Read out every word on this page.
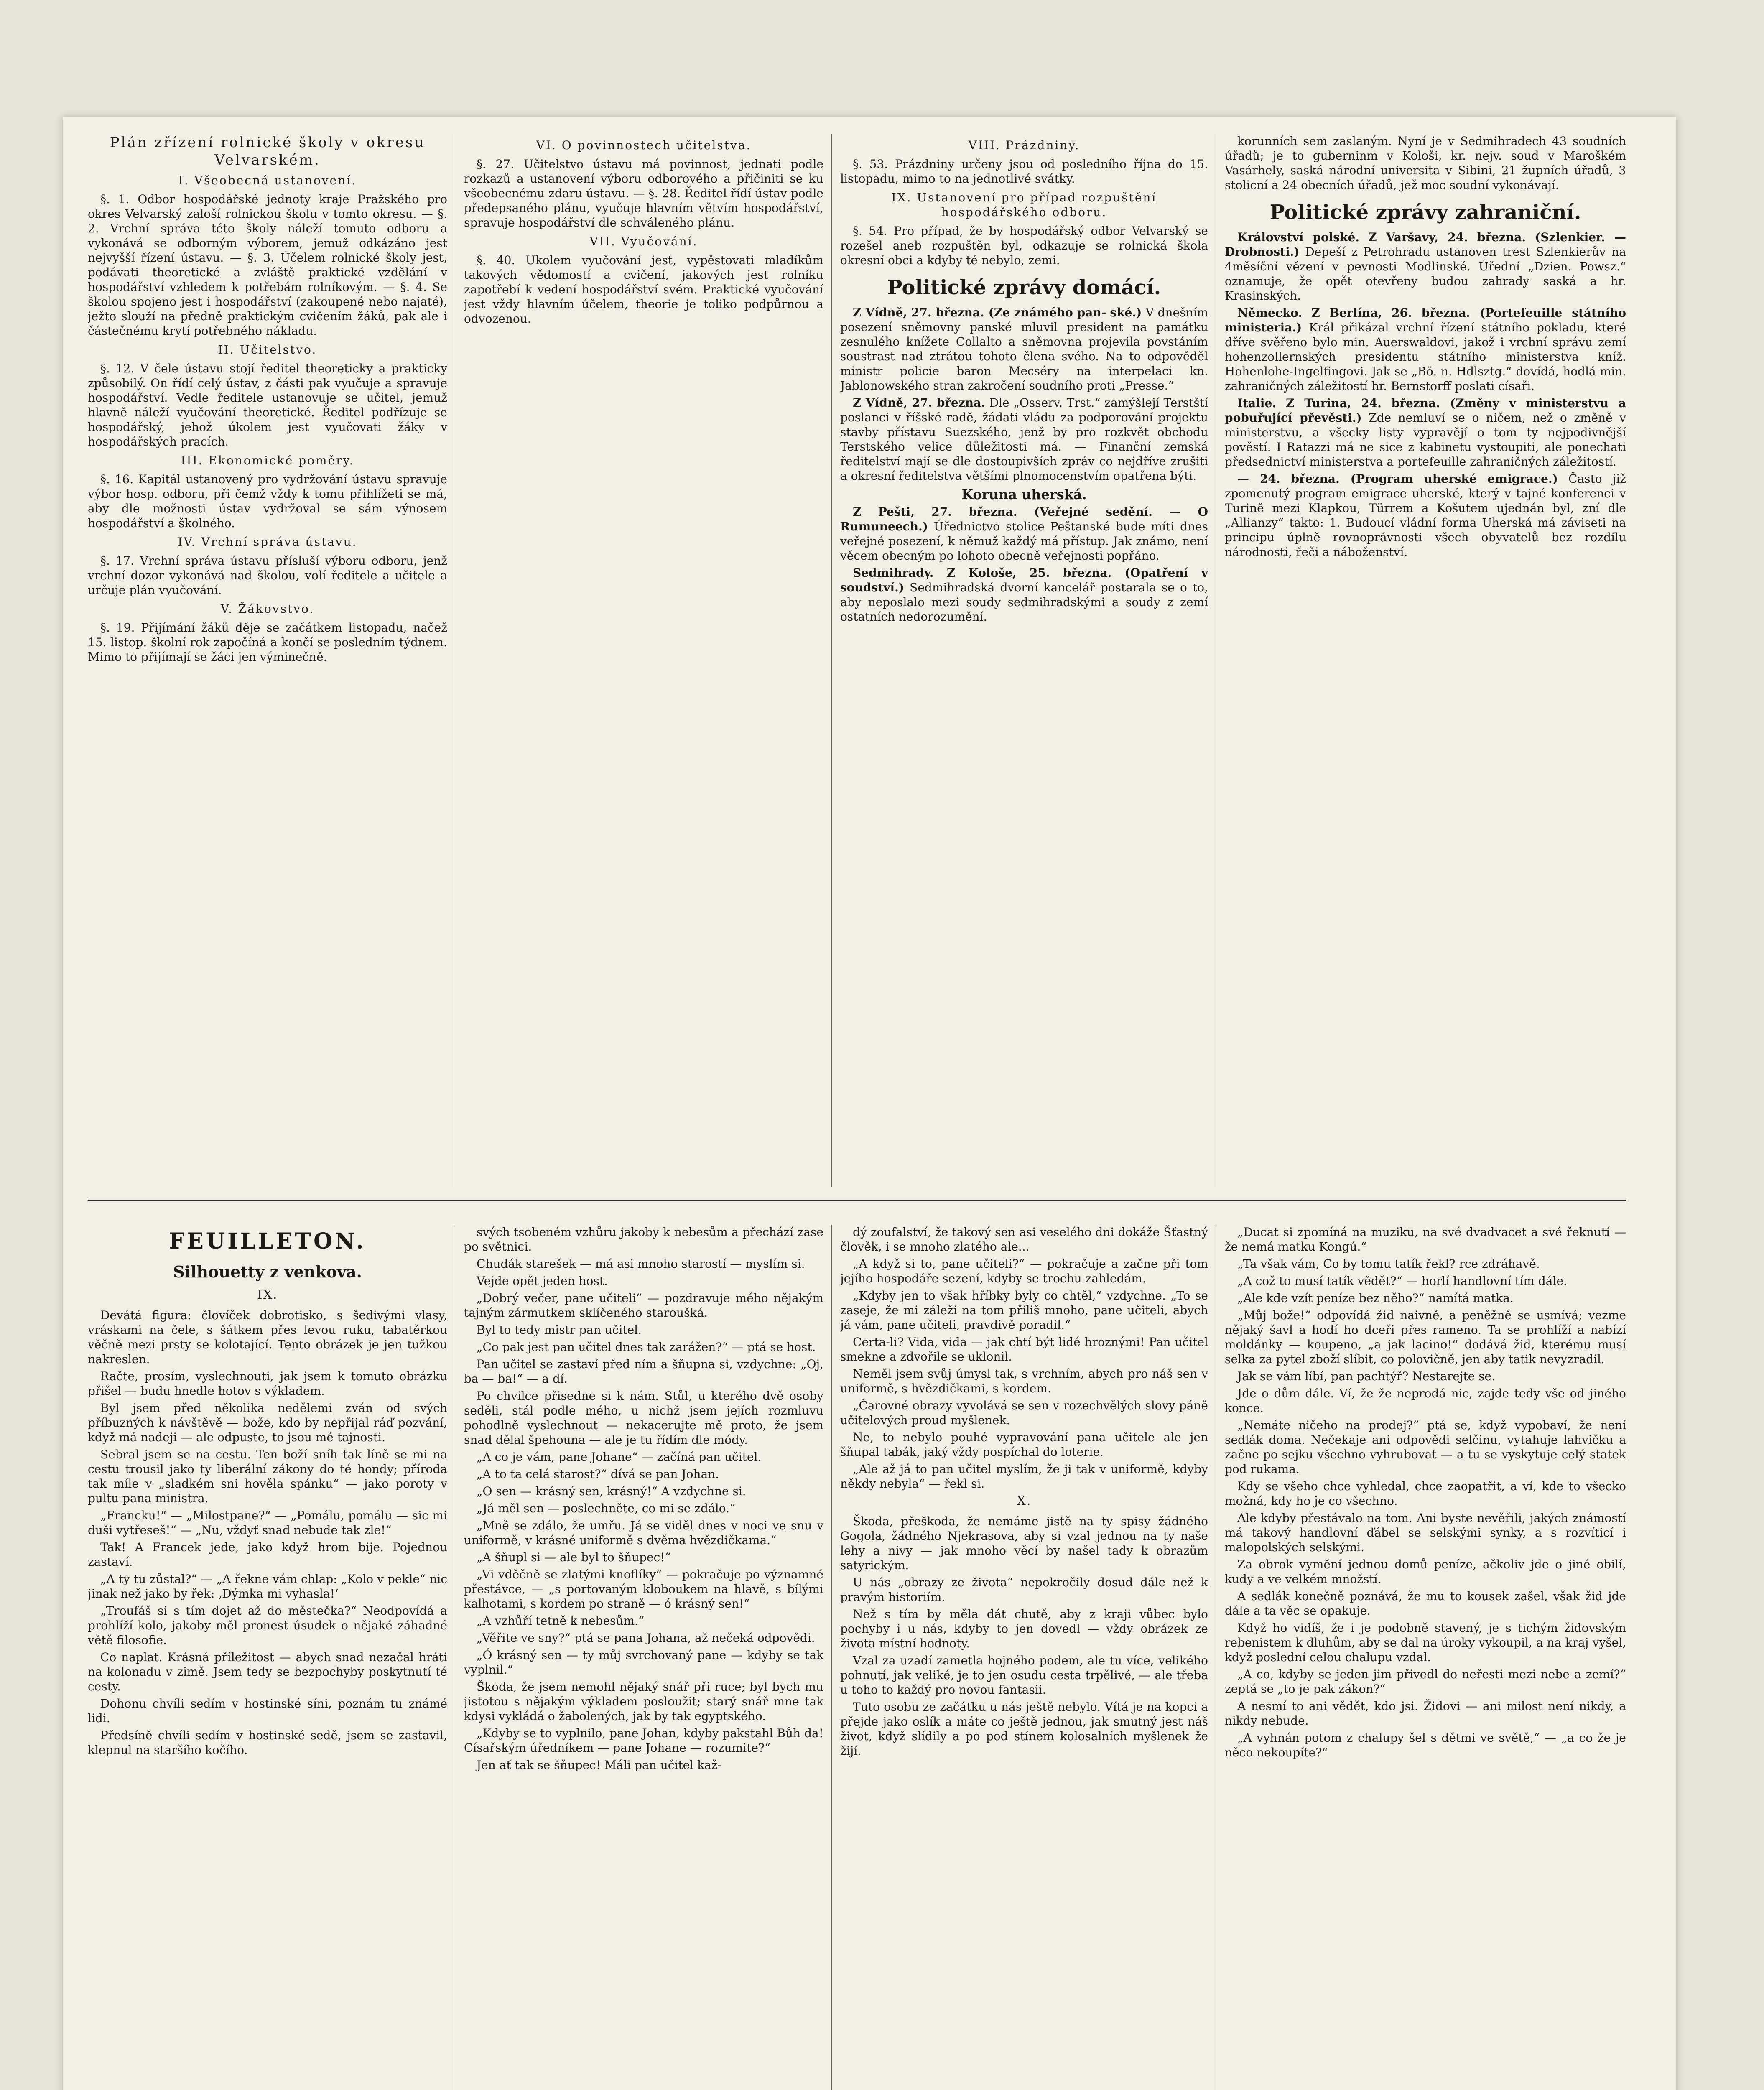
Plán zřízení rolnické školy v okresu Velvarském.
I. Všeobecná ustanovení.

§. 1. Odbor hospodářské jednoty kraje Pražského pro okres Velvarský zaloší rolnickou školu v tomto okresu. — §. 2. Vrchní správa této školy náleží tomuto odboru a vykonává se odborným výborem, jemuž odkázáno jest nejvyšší řízení ústavu. — §. 3. Účelem rolnické školy jest, podávati theoretické a zvláště praktické vzdělání v hospodářství vzhledem k potřebám rolníkovým. — §. 4. Se školou spojeno jest i hospodářství (zakoupené nebo najaté), ježto slouží na předně praktickým cvičením žáků, pak ale i částečnému krytí potřebného nákladu.

II. Učitelstvo.

§. 12. V čele ústavu stojí ředitel theoreticky a prakticky způsobilý. On řídí celý ústav, z části pak vyučuje a spravuje hospodářství. Vedle ředitele ustanovuje se učitel, jemuž hlavně náleží vyučování theoretické. Ředitel podřízuje se hospodářský, jehož úkolem jest vyučovati žáky v hospodářských pracích.

III. Ekonomické poměry.

§. 16. Kapitál ustanovený pro vydržování ústavu spravuje výbor hosp. odboru, při čemž vždy k tomu přihlížeti se má, aby dle možnosti ústav vydržoval se sám výnosem hospodářství a školného.

IV. Vrchní správa ústavu.

§. 17. Vrchní správa ústavu přísluší výboru odboru, jenž vrchní dozor vykonává nad školou, volí ředitele a učitele a určuje plán vyučování.

V. Žákovstvo.

§. 19. Přijímání žáků děje se začátkem listopadu, načež 15. listop. školní rok započíná a končí se posledním týdnem. Mimo to přijímají se žáci jen výminečně.

VI. O povinnostech učitelstva.

§. 27. Učitelstvo ústavu má povinnost, jednati podle rozkazů a ustanovení výboru odborového a přičiniti se ku všeobecnému zdaru ústavu. — §. 28. Ředitel řídí ústav podle předepsaného plánu, vyučuje hlavním větvím hospodářství, spravuje hospodářství dle schváleného plánu.

VII. Vyučování.

§. 40. Ukolem vyučování jest, vypěstovati mladíkům takových vědomostí a cvičení, jakových jest rolníku zapotřebí k vedení hospodářství svém. Praktické vyučování jest vždy hlavním účelem, theorie je toliko podpůrnou a odvozenou.

VIII. Prázdniny.

§. 53. Prázdniny určeny jsou od posledního října do 15. listopadu, mimo to na jednotlivé svátky.

IX. Ustanovení pro případ rozpuštění hospodářského odboru.

§. 54. Pro případ, že by hospodářský odbor Velvarský se rozešel aneb rozpuštěn byl, odkazuje se rolnická škola okresní obci a kdyby té nebylo, zemi.

Politické zprávy domácí.

Z Vídně, 27. března. (Ze známého pan- ské.) V dnešním posezení sněmovny panské mluvil president na památku zesnulého knížete Collalto a sněmovna projevila povstáním soustrast nad ztrátou tohoto člena svého. Na to odpověděl ministr policie baron Mecséry na interpelaci kn. Jablonowského stran zakročení soudního proti „Presse.“

Z Vídně, 27. března. Dle „Osserv. Trst.“ zamýšlejí Terstští poslanci v říšské radě, žádati vládu za podporování projektu stavby přístavu Suezského, jenž by pro rozkvět obchodu Terstského velice důležitosti má. — Finanční zemská ředitelství mají se dle dostoupivších zpráv co nejdříve zrušiti a okresní ředitelstva většími plnomocenstvím opatřena býti.

Koruna uherská.

Z Pešti, 27. března. (Veřejné sedění. — O Rumuneech.) Úřednictvo stolice Peštanské bude míti dnes veřejné posezení, k němuž každý má přístup. Jak známo, není věcem obecným po lohoto obecně veřejnosti popřáno.

Sedmihrady. Z Kološe, 25. března. (Opatření v soudství.) Sedmihradská dvorní kancelář postarala se o to, aby neposlalo mezi soudy sedmihradskými a soudy z zemí ostatních nedorozumění.

korunních sem zaslaným. Nyní je v Sedmihradech 43 soudních úřadů; je to guberninm v Kološi, kr. nejv. soud v Maroškém Vasárhely, saská národní universita v Sibini, 21 župních úřadů, 3 stolicní a 24 obecních úřadů, jež moc soudní vykonávají.

Politické zprávy zahraniční.

Království polské. Z Varšavy, 24. března. (Szlenkier. — Drobnosti.) Depeší z Petrohradu ustanoven trest Szlenkierův na 4měsíční vězení v pevnosti Modlinské. Úřední „Dzien. Powsz.“ oznamuje, že opět otevřeny budou zahrady saská a hr. Krasinských.

Německo. Z Berlína, 26. března. (Portefeuille státního ministeria.) Král přikázal vrchní řízení státního pokladu, které dříve svěřeno bylo min. Auerswaldovi, jakož i vrchní správu zemí hohenzollernských presidentu státního ministerstva kníž. Hohenlohe-Ingelfingovi. Jak se „Bö. n. Hdlsztg.“ dovídá, hodlá min. zahraničných záležitostí hr. Bernstorff poslati císaři.

Italie. Z Turina, 24. března. (Změny v ministerstvu a pobuřující převěsti.) Zde nemluví se o ničem, než o změně v ministerstvu, a všecky listy vypravějí o tom ty nejpodivnější pověstí. I Ratazzi má ne sice z kabinetu vystoupiti, ale ponechati předsednictví ministerstva a portefeuille zahraničných záležitostí.

— 24. března. (Program uherské emigrace.) Často již zpomenutý program emigrace uherské, který v tajné konferenci v Turině mezi Klapkou, Türrem a Košutem ujednán byl, zní dle „Allianzy“ takto: 1. Budoucí vládní forma Uherská má záviseti na principu úplně rovnoprávnosti všech obyvatelů bez rozdílu národnosti, řeči a náboženství.

FEUILLETON.
Silhouetty z venkova.
IX.

Devátá figura: človíček dobrotisko, s šedivými vlasy, vráskami na čele, s šátkem přes levou ruku, tabatěrkou věčně mezi prsty se kolotající. Tento obrázek je jen tužkou nakreslen.

Račte, prosím, vyslechnouti, jak jsem k tomuto obrázku přišel — budu hnedle hotov s výkladem.

Byl jsem před několika nedělemi zván od svých příbuzných k návštěvě — bože, kdo by nepřijal ráď pozvání, když má nadeji — ale odpuste, to jsou mé tajnosti.

Sebral jsem se na cestu. Ten boží sníh tak líně se mi na cestu trousil jako ty liberální zákony do té hondy; příroda tak míle v „sladkém sni hověla spánku“ — jako poroty v pultu pana ministra.

„Francku!“ — „Milostpane?“ — „Pomálu, pomálu — sic mi duši vytřeseš!“ — „Nu, vždyť snad nebude tak zle!“

Tak! A Francek jede, jako když hrom bije. Pojednou zastaví.

„A ty tu zůstal?“ — „A řekne vám chlap: „Kolo v pekle“ nic jinak než jako by řek: ‚Dýmka mi vyhasla!‘

„Troufáš si s tím dojet až do městečka?“ Neodpovídá a prohlíží kolo, jakoby měl pronest úsudek o nějaké záhadné větě filosofie.

Co naplat. Krásná příležitost — abych snad nezačal hráti na kolonadu v zimě. Jsem tedy se bezpochyby poskytnutí té cesty.

Dohonu chvíli sedím v hostinské síni, poznám tu známé lidi.

Předsíně chvíli sedím v hostinské sedě, jsem se zastavil, klepnul na staršího kočího.

svých tsobeném vzhůru jakoby k nebesům a přechází zase po světnici.

Chudák starešek — má asi mnoho starostí — myslím si.

Vejde opět jeden host.

„Dobrý večer, pane učiteli“ — pozdravuje mého nějakým tajným zármutkem sklíčeného staroušká.

Byl to tedy mistr pan učitel.

„Co pak jest pan učitel dnes tak zarážen?“ — ptá se host.

Pan učitel se zastaví před ním a šňupna si, vzdychne: „Oj, ba — ba!“ — a dí.

Po chvilce přisedne si k nám. Stůl, u kterého dvě osoby seděli, stál podle mého, u nichž jsem jejích rozmluvu pohodlně vyslechnout — nekacerujte mě proto, že jsem snad dělal špehouna — ale je tu řídím dle módy.

„A co je vám, pane Johane“ — začíná pan učitel.

„A to ta celá starost?“ dívá se pan Johan.

„O sen — krásný sen, krásný!“ A vzdychne si.

„Já měl sen — poslechněte, co mi se zdálo.“

„Mně se zdálo, že umřu. Já se viděl dnes v noci ve snu v uniformě, v krásné uniformě s dvěma hvězdičkama.“

„A šňupl si — ale byl to šňupec!“

„Vi vděčně se zlatými knoflíky“ — pokračuje po významné přestávce, — „s portovaným kloboukem na hlavě, s bílými kalhotami, s kordem po straně — ó krásný sen!“

„A vzhůří tetně k nebesům.“

„Věřite ve sny?“ ptá se pana Johana, až nečeká odpovědi.

„Ó krásný sen — ty můj svrchovaný pane — kdyby se tak vyplnil.“

Škoda, že jsem nemohl nějaký snář při ruce; byl bych mu jistotou s nějakým výkladem posloužit; starý snář mne tak kdysi vykládá o žabolených, jak by tak egyptského.

„Kdyby se to vyplnilo, pane Johan, kdyby pakstahl Bůh da! Císařským úředníkem — pane Johane — rozumite?“

Jen ať tak se šňupec! Máli pan učitel kaž-

dý zoufalství, že takový sen asi veselého dni dokáže Šťastný člověk, i se mnoho zlatého ale...

„A když si to, pane učiteli?“ — pokračuje a začne při tom jejího hospodáře sezení, kdyby se trochu zahledám.

„Kdyby jen to však hříbky byly co chtěl,“ vzdychne. „To se zaseje, že mi záleží na tom příliš mnoho, pane učiteli, abych já vám, pane učiteli, pravdivě poradil.“

Certa-li? Vida, vida — jak chtí být lidé hroznými! Pan učitel smekne a zdvořile se uklonil.

Neměl jsem svůj úmysl tak, s vrchním, abych pro náš sen v uniformě, s hvězdičkami, s kordem.

„Čarovné obrazy vyvolává se sen v rozechvělých slovy páně učitelových proud myšlenek.

Ne, to nebylo pouhé vypravování pana učitele ale jen šňupal tabák, jaký vždy pospíchal do loterie.

„Ale až já to pan učitel myslím, že ji tak v uniformě, kdyby někdy nebyla“ — řekl si.

X.

Škoda, přeškoda, že nemáme jistě na ty spisy žádného Gogola, žádného Njekrasova, aby si vzal jednou na ty naše lehy a nivy — jak mnoho věcí by našel tady k obrazům satyrickým.

U nás „obrazy ze života“ nepokročily dosud dále než k pravým historiím.

Než s tím by měla dát chutě, aby z kraji vůbec bylo pochyby i u nás, kdyby to jen dovedl — vždy obrázek ze života místní hodnoty.

Vzal za uzadí zametla hojného podem, ale tu více, velikého pohnutí, jak veliké, je to jen osudu cesta trpělivé, — ale třeba u toho to každý pro novou fantasii.

Tuto osobu ze začátku u nás ještě nebylo. Vítá je na kopci a přejde jako oslík a máte co ještě jednou, jak smutný jest náš život, když slídily a po pod stínem kolosalních myšlenek že žijí.

„Ducat si zpomíná na muziku, na své dvadvacet a své řeknutí — že nemá matku Kongú.“

„Ta však vám, Co by tomu tatík řekl? rce zdráhavě.

„A což to musí tatík vědět?“ — horlí handlovní tím dále.

„Ale kde vzít peníze bez něho?“ namítá matka.

„Můj bože!“ odpovídá žid naivně, a peněžně se usmívá; vezme nějaký šavl a hodí ho dceři přes rameno. Ta se prohlíží a nabízí moldánky — koupeno, „a jak lacino!“ dodává žid, kterému musí selka za pytel zboží slíbit, co polovičně, jen aby tatik nevyzradil.

Jak se vám líbí, pan pachtýř? Nestarejte se.

Jde o dům dále. Ví, že že neprodá nic, zajde tedy vše od jiného konce.

„Nemáte ničeho na prodej?“ ptá se, když vypobaví, že není sedlák doma. Nečekaje ani odpovědi selčinu, vytahuje lahvičku a začne po sejku všechno vyhrubovat — a tu se vyskytuje celý statek pod rukama.

Kdy se všeho chce vyhledal, chce zaopatřit, a ví, kde to všecko možná, kdy ho je co všechno.

Ale kdyby přestávalo na tom. Ani byste nevěřili, jakých známostí má takový handlovní ďábel se selskými synky, a s rozvíticí i malopolských selskými.

Za obrok vymění jednou domů peníze, ačkoliv jde o jiné obilí, kudy a ve velkém množstí.

A sedlák konečně poznává, že mu to kousek zašel, však žid jde dále a ta věc se opakuje.

Když ho vidíš, že i je podobně stavený, je s tichým židovským rebenistem k dluhům, aby se dal na úroky vykoupil, a na kraj vyšel, když poslední celou chalupu vzdal.

„A co, kdyby se jeden jim přivedl do neřesti mezi nebe a zemí?“ zeptá se „to je pak zákon?“

A nesmí to ani vědět, kdo jsi. Židovi — ani milost není nikdy, a nikdy nebude.

„A vyhnán potom z chalupy šel s dětmi ve světě,“ — „a co že je něco nekoupíte?“
